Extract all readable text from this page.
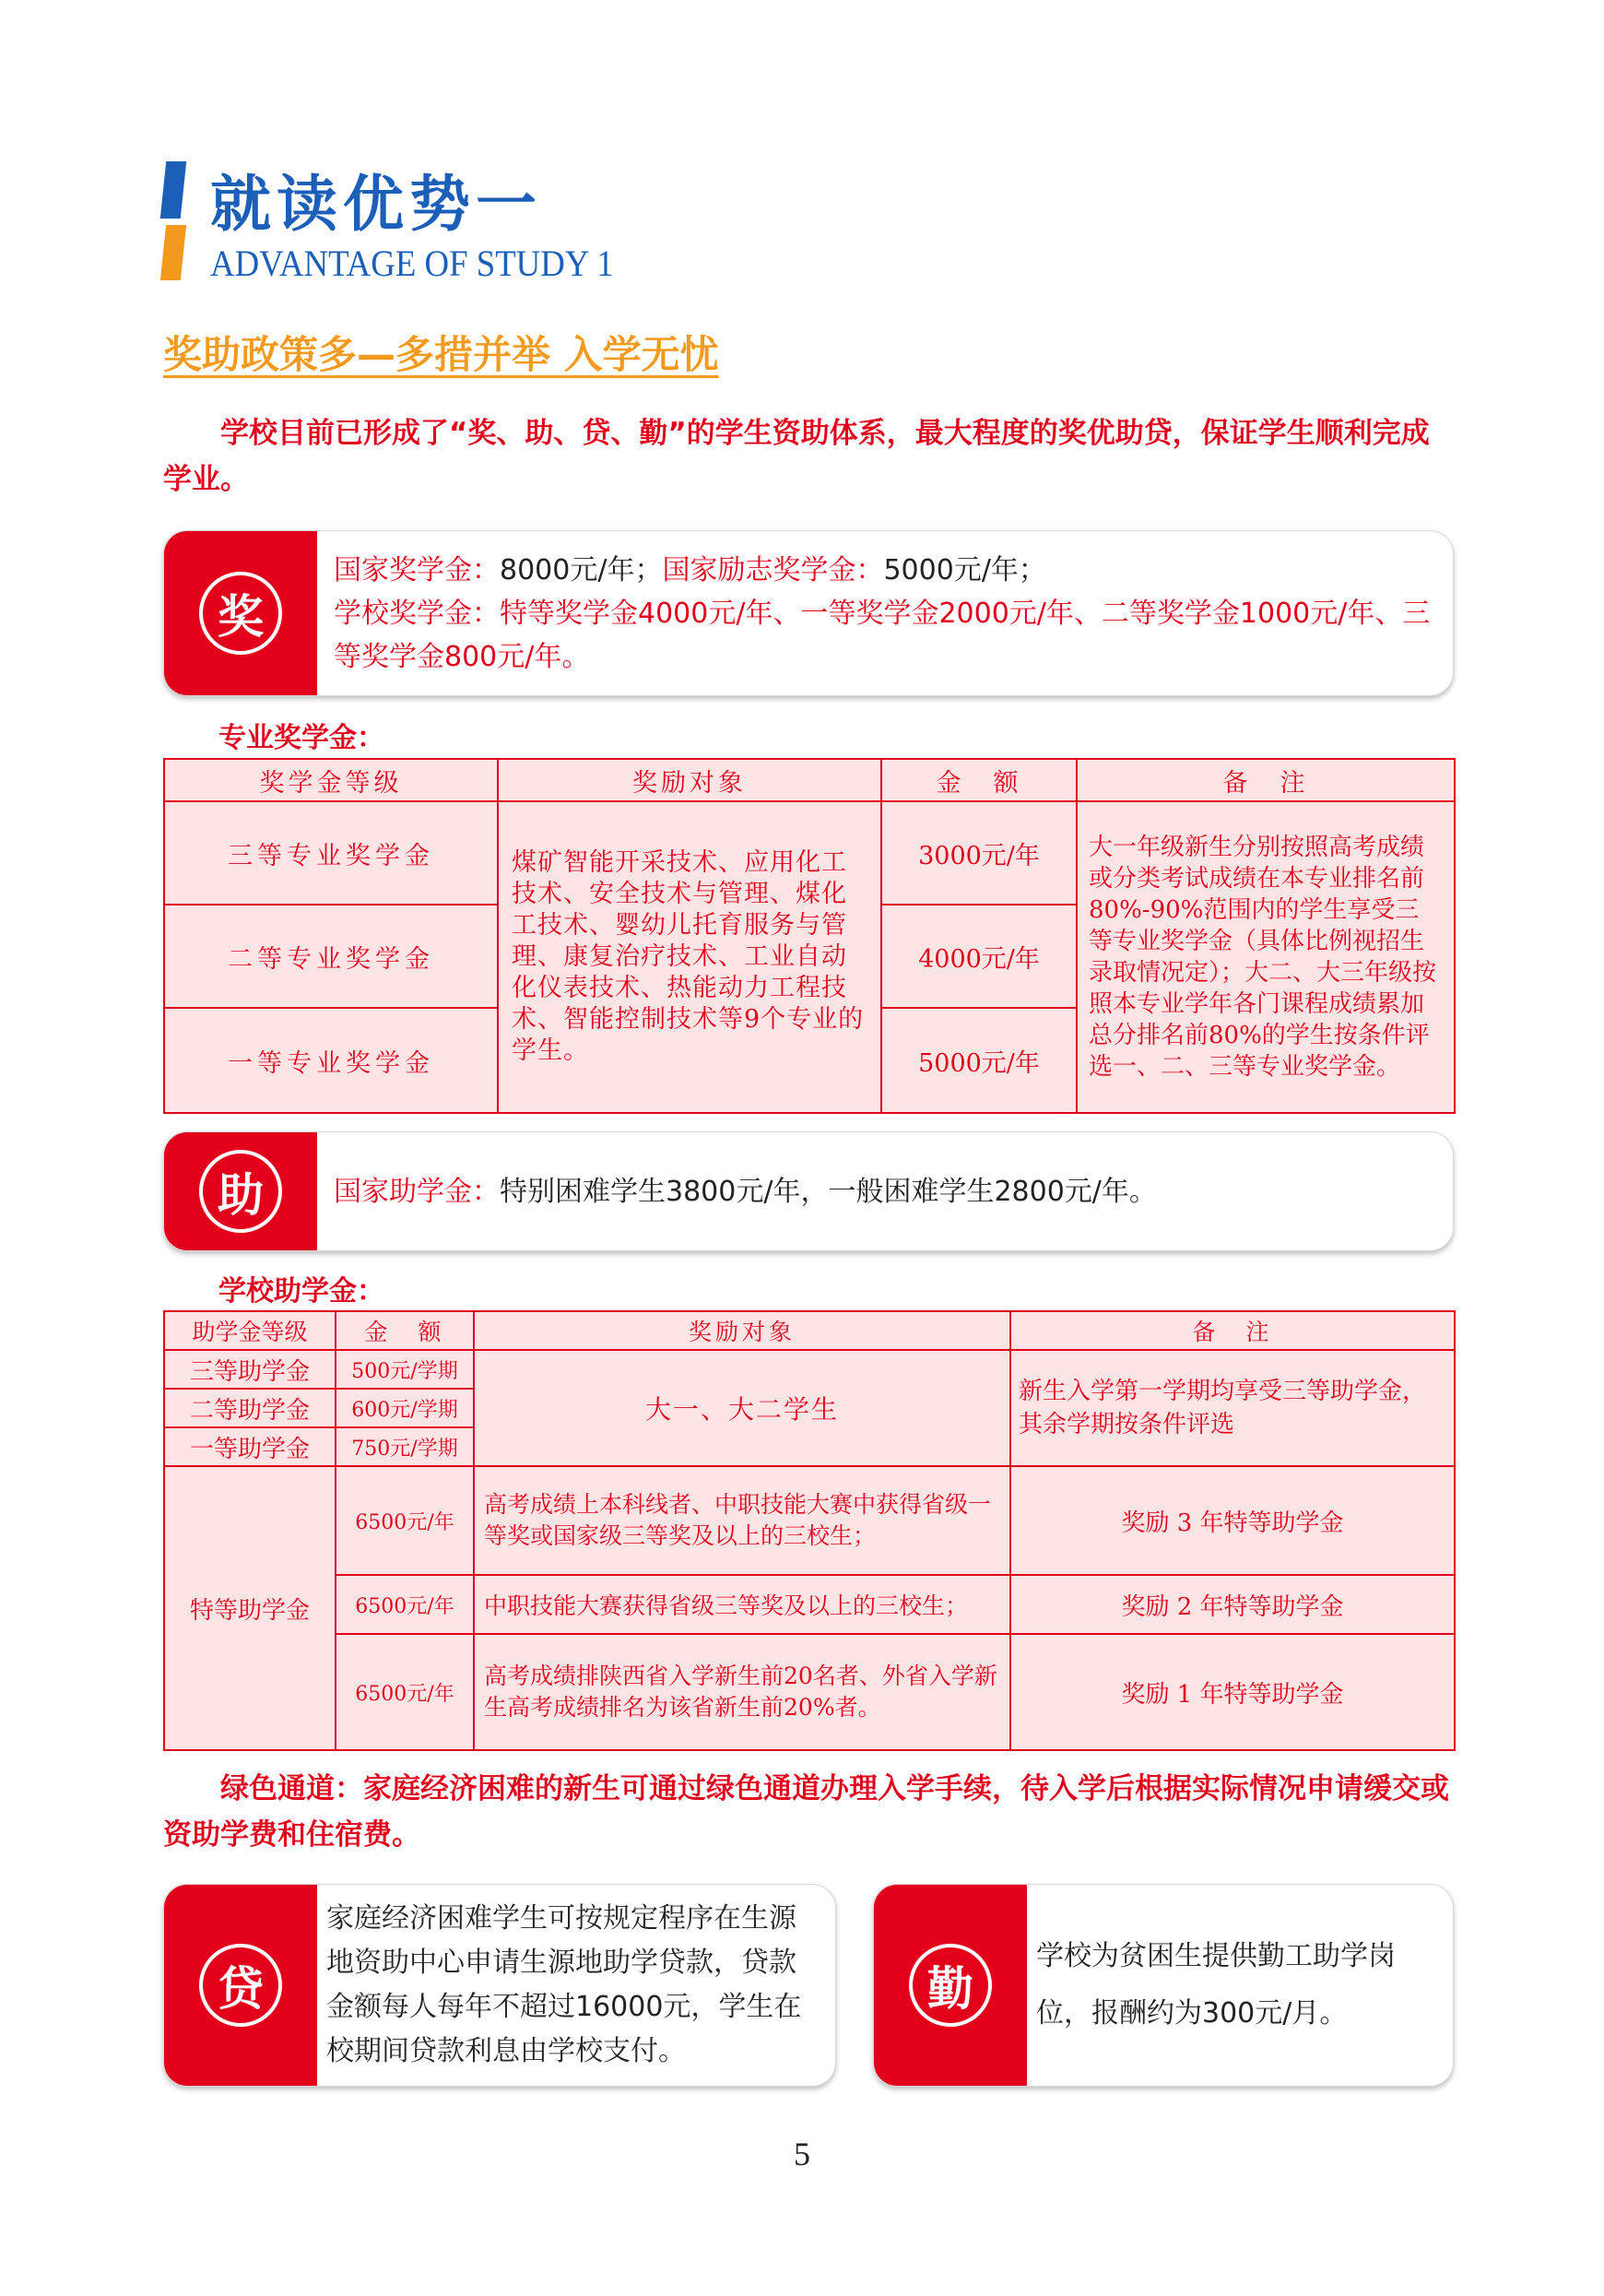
就读优势一
ADVANTAGE OF STUDY 1
奖助政策多—多措并举 入学无忧
学校目前已形成了“奖、助、贷、勤”的学生资助体系，最大程度的奖优助贷，保证学生顺利完成学业。
奖
国家奖学金：8000元/年；国家励志奖学金：5000元/年；
学校奖学金：特等奖学金4000元/年、一等奖学金2000元/年、二等奖学金1000元/年、三等奖学金800元/年。
专业奖学金：
奖学金等级	奖励对象	金　额	备　注
三等专业奖学金	煤矿智能开采技术、应用化工技术、安全技术与管理、煤化工技术、婴幼儿托育服务与管理、康复治疗技术、工业自动化仪表技术、热能动力工程技术、智能控制技术等9个专业的学生。	3000元/年	大一年级新生分别按照高考成绩或分类考试成绩在本专业排名前80%-90%范围内的学生享受三等专业奖学金（具体比例视招生录取情况定）；大二、大三年级按照本专业学年各门课程成绩累加总分排名前80%的学生按条件评选一、二、三等专业奖学金。
二等专业奖学金		4000元/年	
一等专业奖学金		5000元/年	
助	国家助学金：特别困难学生3800元/年，一般困难学生2800元/年。
学校助学金：
助学金等级	金　额	奖励对象	备　注
三等助学金	500元/学期	大一、大二学生	新生入学第一学期均享受三等助学金，其余学期按条件评选
二等助学金	600元/学期		
一等助学金	750元/学期		
特等助学金	6500元/年	高考成绩上本科线者、中职技能大赛中获得省级一等奖或国家级三等奖及以上的三校生；	奖励 3 年特等助学金
	6500元/年	中职技能大赛获得省级三等奖及以上的三校生；	奖励 2 年特等助学金
	6500元/年	高考成绩排陕西省入学新生前20名者、外省入学新生高考成绩排名为该省新生前20%者。	奖励 1 年特等助学金
绿色通道：家庭经济困难的新生可通过绿色通道办理入学手续，待入学后根据实际情况申请缓交或资助学费和住宿费。
贷
家庭经济困难学生可按规定程序在生源地资助中心申请生源地助学贷款，贷款金额每人每年不超过16000元，学生在校期间贷款利息由学校支付。
勤
学校为贫困生提供勤工助学岗位，报酬约为300元/月。
5
